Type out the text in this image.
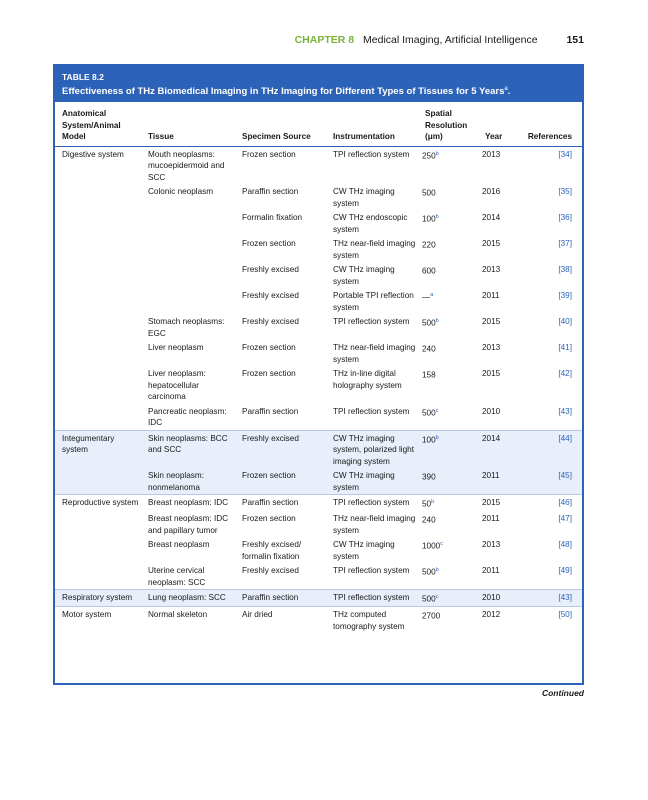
CHAPTER 8 Medical Imaging, Artificial Intelligence	151
TABLE 8.2
Effectiveness of THz Biomedical Imaging in THz Imaging for Different Types of Tissues for 5 Years$^a$.
Anatomical System/Animal Model	Tissue	Specimen Source	Instrumentation	Spatial Resolution (μm)	Year	References
Digestive system	Mouth neoplasms: mucoepidermoid and SCC	Frozen section	TPI reflection system	250$^b$	2013	[34]
	Colonic neoplasm	Paraffin section	CW THz imaging system	500	2016	[35]
		Formalin fixation	CW THz endoscopic system	100$^b$	2014	[36]
		Frozen section	THz near-field imaging system	220	2015	[37]
		Freshly excised	CW THz imaging system	600	2013	[38]
		Freshly excised	Portable TPI reflection system	—$^a$	2011	[39]
	Stomach neoplasms: EGC	Freshly excised	TPI reflection system	500$^b$	2015	[40]
	Liver neoplasm	Frozen section	THz near-field imaging system	240	2013	[41]
	Liver neoplasm: hepatocellular carcinoma	Frozen section	THz in-line digital holography system	158	2015	[42]
	Pancreatic neoplasm: IDC	Paraffin section	TPI reflection system	500$^c$	2010	[43]
Integumentary system	Skin neoplasms: BCC and SCC	Freshly excised	CW THz imaging system, polarized light imaging system	100$^b$	2014	[44]
	Skin neoplasm: nonmelanoma	Frozen section	CW THz imaging system	390	2011	[45]
Reproductive system	Breast neoplasm: IDC	Paraffin section	TPI reflection system	50$^b$	2015	[46]
	Breast neoplasm: IDC and papillary tumor	Frozen section	THz near-field imaging system	240	2011	[47]
	Breast neoplasm	Freshly excised/ formalin fixation	CW THz imaging system	1000$^c$	2013	[48]
	Uterine cervical neoplasm: SCC	Freshly excised	TPI reflection system	500$^b$	2011	[49]
Respiratory system	Lung neoplasm: SCC	Paraffin section	TPI reflection system	500$^c$	2010	[43]
Motor system	Normal skeleton	Air dried	THz computed tomography system	2700	2012	[50]
Continued
